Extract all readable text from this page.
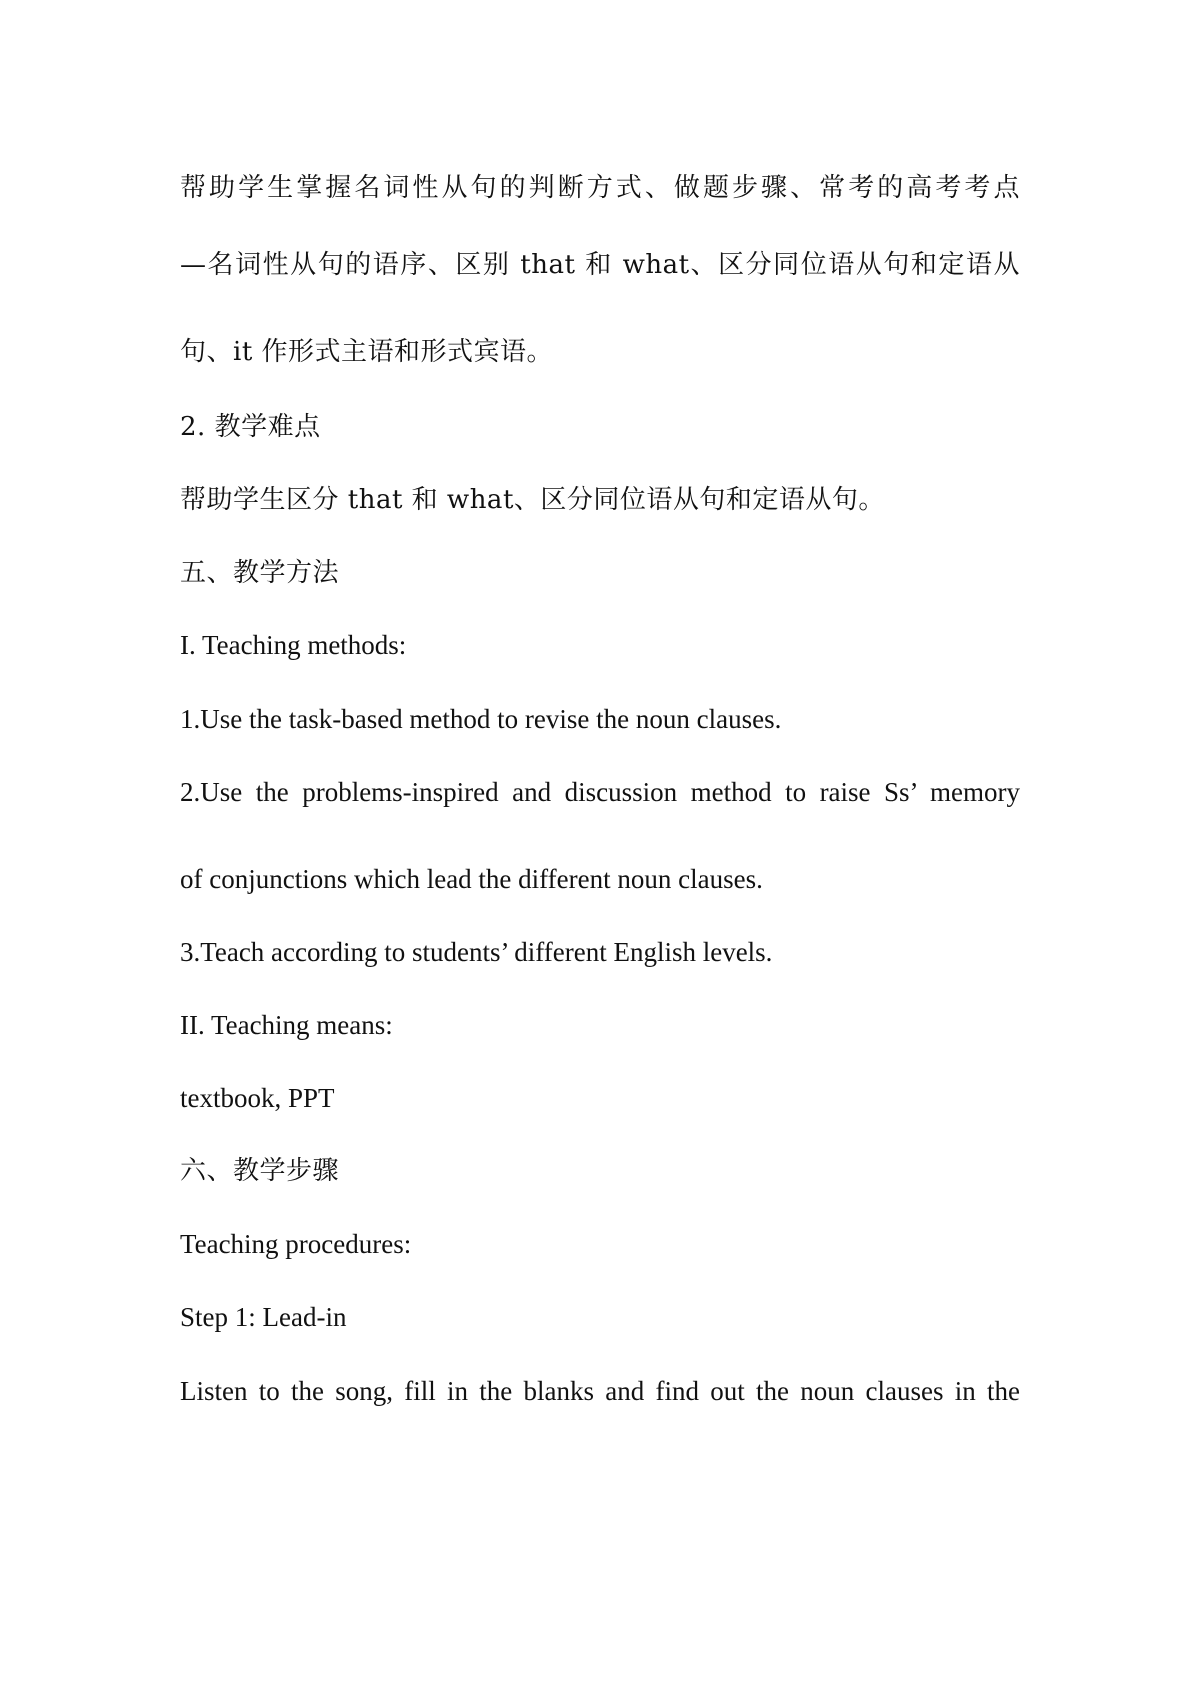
帮助学生掌握名词性从句的判断方式、做题步骤、常考的高考考点

—名词性从句的语序、区别 that 和 what、区分同位语从句和定语从

句、it 作形式主语和形式宾语。

2. 教学难点

帮助学生区分 that 和 what、区分同位语从句和定语从句。

五、教学方法

I. Teaching methods:

1.Use the task-based method to revise the noun clauses.

2.Use the problems-inspired and discussion method to raise Ss’ memory

of conjunctions which lead the different noun clauses.

3.Teach according to students’ different English levels.

II. Teaching means:

textbook, PPT

六、教学步骤

Teaching procedures:

Step 1: Lead-in

Listen to the song, fill in the blanks and find out the noun clauses in the
